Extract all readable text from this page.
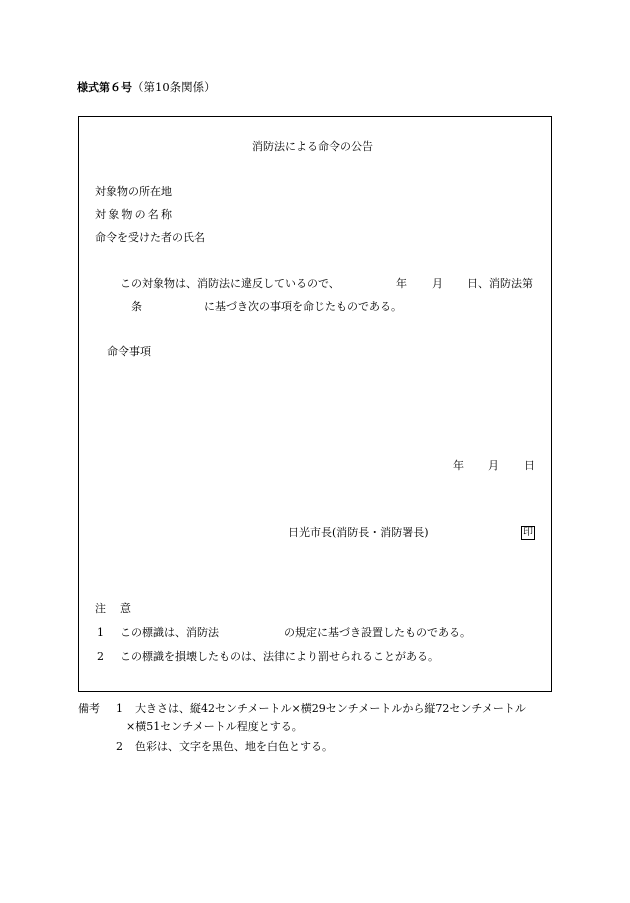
様式第６号（第10条関係）
消防法による命令の公告
対象物の所在地
対象物の名称
命令を受けた者の氏名
この対象物は、消防法に違反しているので、	年 月 日、消防法第
条	に基づき次の事項を命じたものである。
命令事項
年 月 日
日光市長(消防長・消防署長)	印
注 意
1 この標識は、消防法	の規定に基づき設置したものである。
2 この標識を損壊したものは、法律により罰せられることがある。
備考 1 大きさは、縦42センチメートル×横29センチメートルから縦72センチメートル
×横51センチメートル程度とする。
2 色彩は、文字を黒色、地を白色とする。
